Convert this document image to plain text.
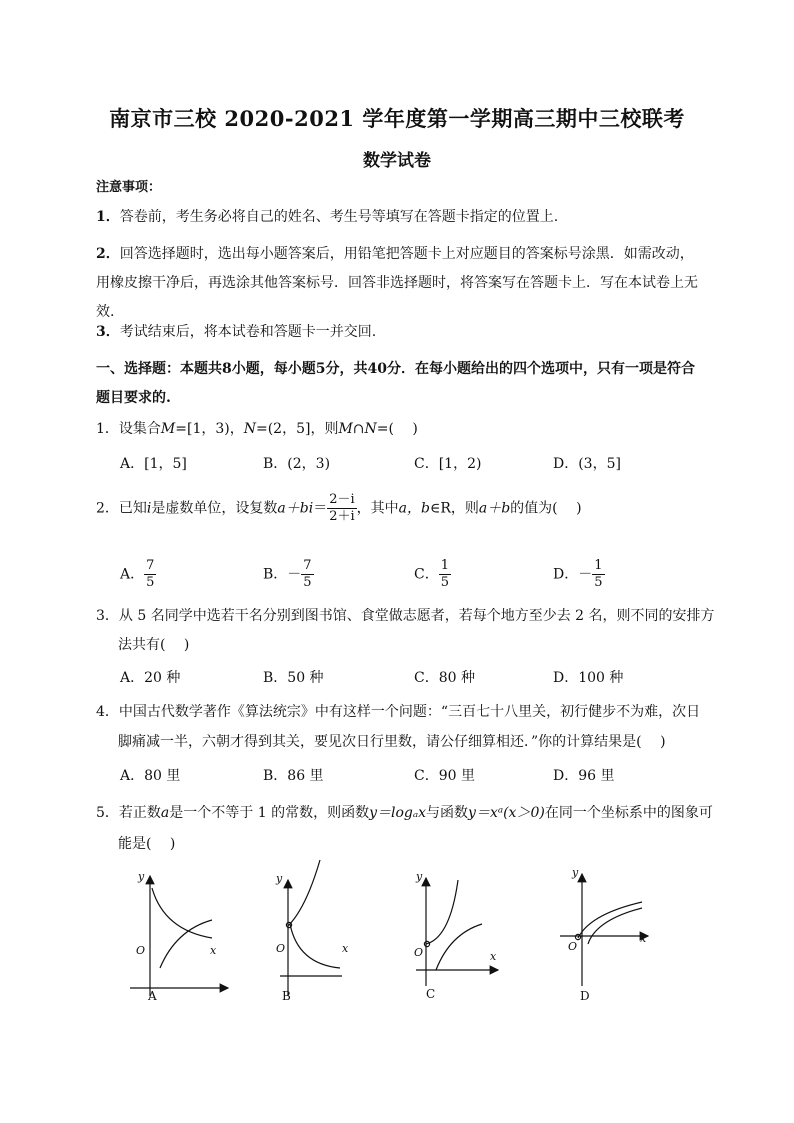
南京市三校 2020-2021 学年度第一学期高三期中三校联考
数学试卷
注意事项：
1．答卷前，考生务必将自己的姓名、考生号等填写在答题卡指定的位置上.
2．回答选择题时，选出每小题答案后，用铅笔把答题卡上对应题目的答案标号涂黑．如需改动，用橡皮擦干净后，再选涂其他答案标号．回答非选择题时，将答案写在答题卡上．写在本试卷上无效.
3．考试结束后，将本试卷和答题卡一并交回.
一、选择题：本题共8小题，每小题5分，共40分．在每小题给出的四个选项中，只有一项是符合题目要求的.
1．设集合M=[1，3)，N=(2，5]，则M∩N=(　 )
A．[1，5]	B．(2，3)	C．[1，2)	D．(3，5]
2．已知i是虚数单位，设复数$a+bi= \frac{2-i}{2+i}$ ，其中a，b∈R，则a＋b的值为(　 )
A． $\frac{7}{5}$	B．－ $\frac{7}{5}$	C． $\frac{1}{5}$	D．－ $\frac{1}{5}$
3．从 5 名同学中选若干名分别到图书馆、食堂做志愿者，若每个地方至少去 2 名，则不同的安排方
法共有(　 )
A．20 种	B．50 种	C．80 种	D．100 种
4．中国古代数学著作《算法统宗》中有这样一个问题：“三百七十八里关，初行健步不为难，次日
脚痛减一半，六朝才得到其关，要见次日行里数，请公仔细算相还．”你的计算结果是(　 )
A．80 里	B．86 里	C．90 里	D．96 里
5．若正数a是一个不等于 1 的常数，则函数y＝logₐx与函数y＝xᵃ(x＞0)在同一个坐标系中的图象可
能是(　 )
y
x
O
A
y
x
O
B
y
x
O
C
y
x
O
D
